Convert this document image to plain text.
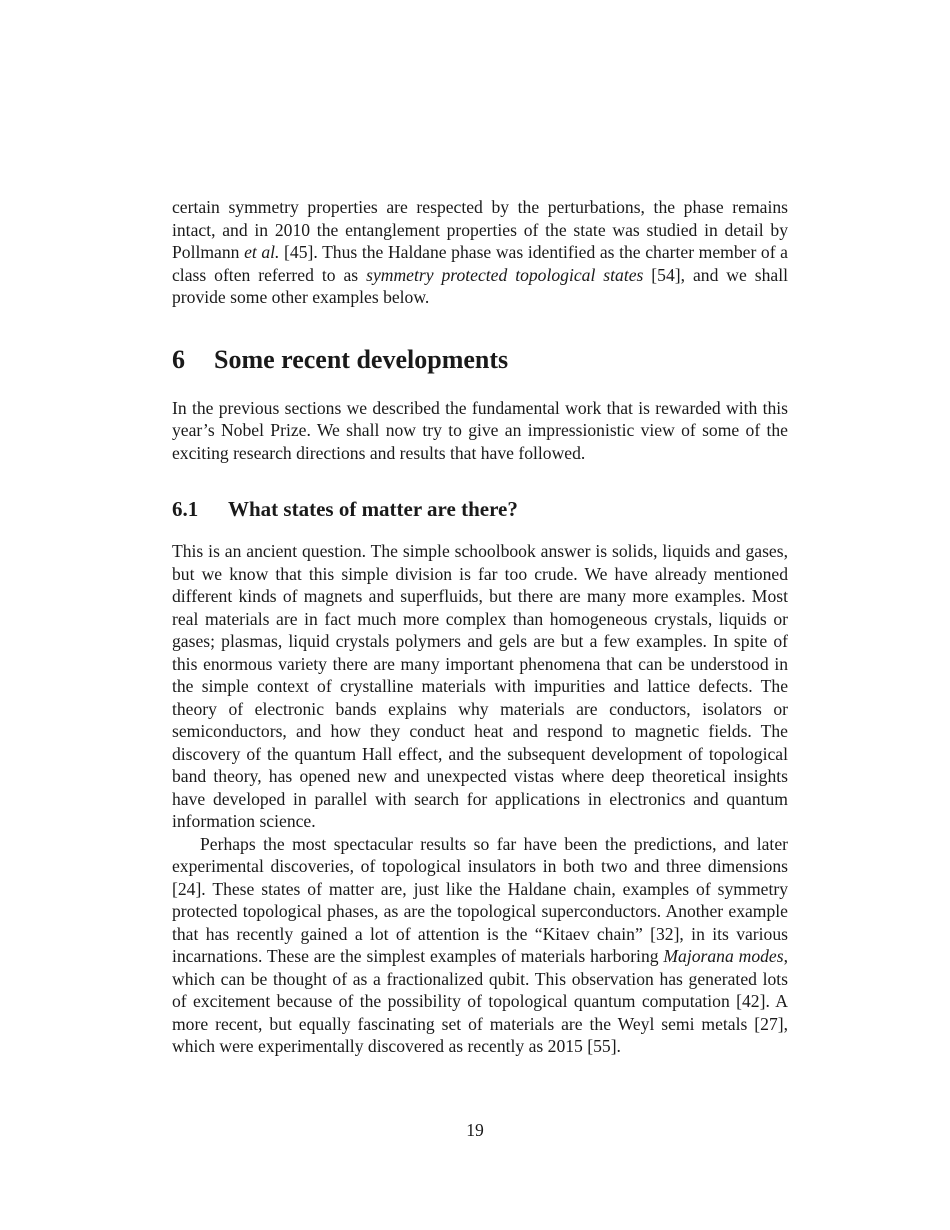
certain symmetry properties are respected by the perturbations, the phase remains intact, and in 2010 the entanglement properties of the state was studied in detail by Pollmann et al. [45]. Thus the Haldane phase was identified as the charter member of a class often referred to as symmetry protected topological states [54], and we shall provide some other examples below.

6	Some recent developments

In the previous sections we described the fundamental work that is rewarded with this year’s Nobel Prize. We shall now try to give an impressionistic view of some of the exciting research directions and results that have followed.

6.1	What states of matter are there?

This is an ancient question. The simple schoolbook answer is solids, liquids and gases, but we know that this simple division is far too crude. We have already mentioned different kinds of magnets and superfluids, but there are many more examples. Most real materials are in fact much more complex than homogeneous crystals, liquids or gases; plasmas, liquid crystals polymers and gels are but a few examples. In spite of this enormous variety there are many important phenomena that can be understood in the simple context of crystalline materials with impurities and lattice defects. The theory of electronic bands explains why materials are conductors, isolators or semiconductors, and how they conduct heat and respond to magnetic fields. The discovery of the quantum Hall effect, and the subsequent development of topological band theory, has opened new and unexpected vistas where deep theoretical insights have developed in parallel with search for applications in electronics and quantum information science.

Perhaps the most spectacular results so far have been the predictions, and later experimental discoveries, of topological insulators in both two and three dimensions [24]. These states of matter are, just like the Haldane chain, examples of symmetry protected topological phases, as are the topological superconductors. Another example that has recently gained a lot of attention is the “Kitaev chain” [32], in its various incarnations. These are the simplest examples of materials harboring Majorana modes, which can be thought of as a fractionalized qubit. This observation has generated lots of excitement because of the possibility of topological quantum computation [42]. A more recent, but equally fascinating set of materials are the Weyl semi metals [27], which were experimentally discovered as recently as 2015 [55].

19
